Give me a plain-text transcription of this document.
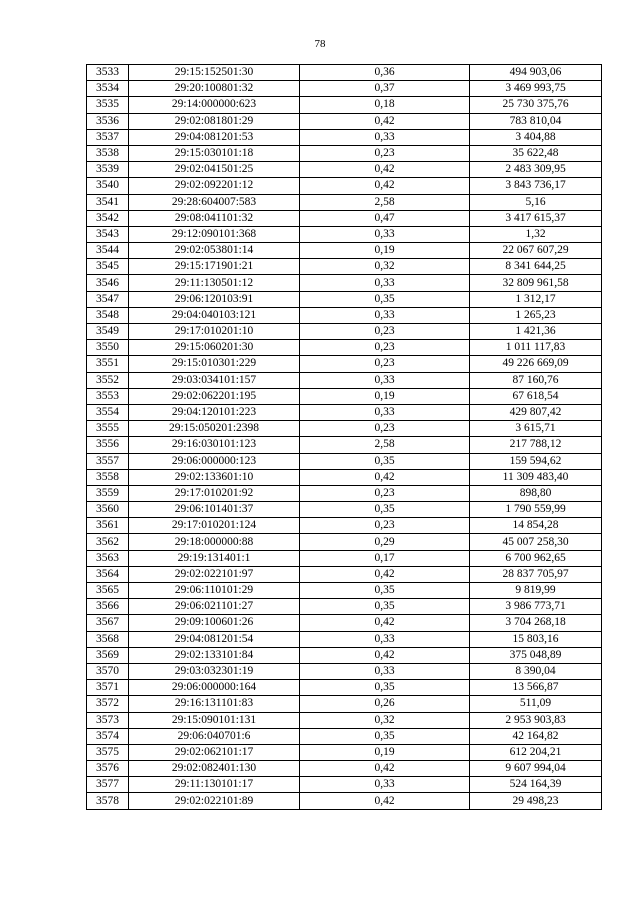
78
3533	29:15:152501:30	0,36	494 903,06
3534	29:20:100801:32	0,37	3 469 993,75
3535	29:14:000000:623	0,18	25 730 375,76
3536	29:02:081801:29	0,42	783 810,04
3537	29:04:081201:53	0,33	3 404,88
3538	29:15:030101:18	0,23	35 622,48
3539	29:02:041501:25	0,42	2 483 309,95
3540	29:02:092201:12	0,42	3 843 736,17
3541	29:28:604007:583	2,58	5,16
3542	29:08:041101:32	0,47	3 417 615,37
3543	29:12:090101:368	0,33	1,32
3544	29:02:053801:14	0,19	22 067 607,29
3545	29:15:171901:21	0,32	8 341 644,25
3546	29:11:130501:12	0,33	32 809 961,58
3547	29:06:120103:91	0,35	1 312,17
3548	29:04:040103:121	0,33	1 265,23
3549	29:17:010201:10	0,23	1 421,36
3550	29:15:060201:30	0,23	1 011 117,83
3551	29:15:010301:229	0,23	49 226 669,09
3552	29:03:034101:157	0,33	87 160,76
3553	29:02:062201:195	0,19	67 618,54
3554	29:04:120101:223	0,33	429 807,42
3555	29:15:050201:2398	0,23	3 615,71
3556	29:16:030101:123	2,58	217 788,12
3557	29:06:000000:123	0,35	159 594,62
3558	29:02:133601:10	0,42	11 309 483,40
3559	29:17:010201:92	0,23	898,80
3560	29:06:101401:37	0,35	1 790 559,99
3561	29:17:010201:124	0,23	14 854,28
3562	29:18:000000:88	0,29	45 007 258,30
3563	29:19:131401:1	0,17	6 700 962,65
3564	29:02:022101:97	0,42	28 837 705,97
3565	29:06:110101:29	0,35	9 819,99
3566	29:06:021101:27	0,35	3 986 773,71
3567	29:09:100601:26	0,42	3 704 268,18
3568	29:04:081201:54	0,33	15 803,16
3569	29:02:133101:84	0,42	375 048,89
3570	29:03:032301:19	0,33	8 390,04
3571	29:06:000000:164	0,35	13 566,87
3572	29:16:131101:83	0,26	511,09
3573	29:15:090101:131	0,32	2 953 903,83
3574	29:06:040701:6	0,35	42 164,82
3575	29:02:062101:17	0,19	612 204,21
3576	29:02:082401:130	0,42	9 607 994,04
3577	29:11:130101:17	0,33	524 164,39
3578	29:02:022101:89	0,42	29 498,23
